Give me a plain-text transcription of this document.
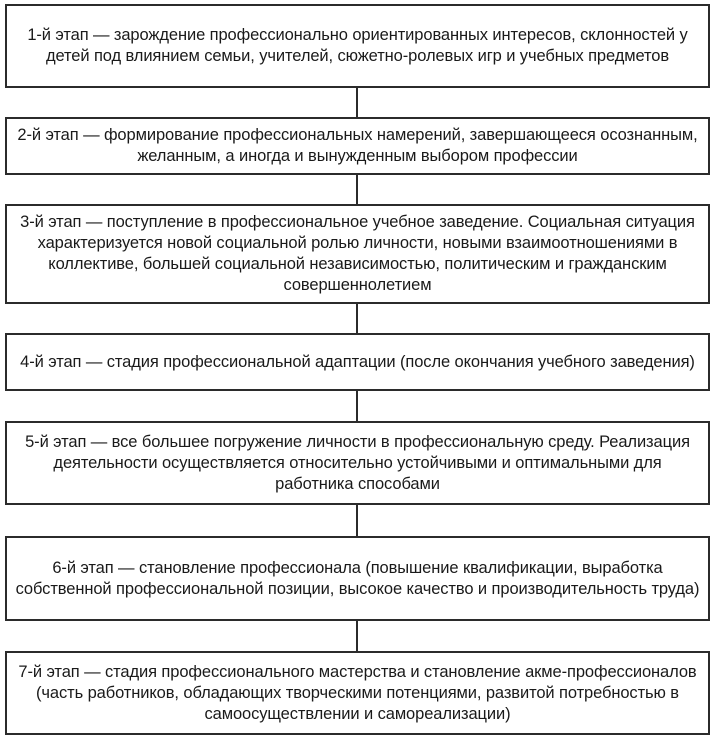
1-й этап — зарождение профессионально ориентированных интересов, склонностей у детей под влиянием семьи, учителей, сюжетно-ролевых игр и учебных предметов
2-й этап — формирование профессиональных намерений, завершающееся осознанным, желанным, а иногда и вынужденным выбором профессии
3-й этап — поступление в профессиональное учебное заведение. Социальная ситуация характеризуется новой социальной ролью личности, новыми взаимоотношениями в коллективе, большей социальной независимостью, политическим и гражданским совершеннолетием
4-й этап — стадия профессиональной адаптации (после окончания учебного заведения)
5-й этап — все большее погружение личности в профессиональную среду. Реализация деятельности осуществляется относительно устойчивыми и оптимальными для работника способами
6-й этап — становление профессионала (повышение квалификации, выработка собственной профессиональной позиции, высокое качество и производительность труда)
7-й этап — стадия профессионального мастерства и становление акме-профессионалов (часть работников, обладающих творческими потенциями, развитой потребностью в самоосуществлении и самореализации)
